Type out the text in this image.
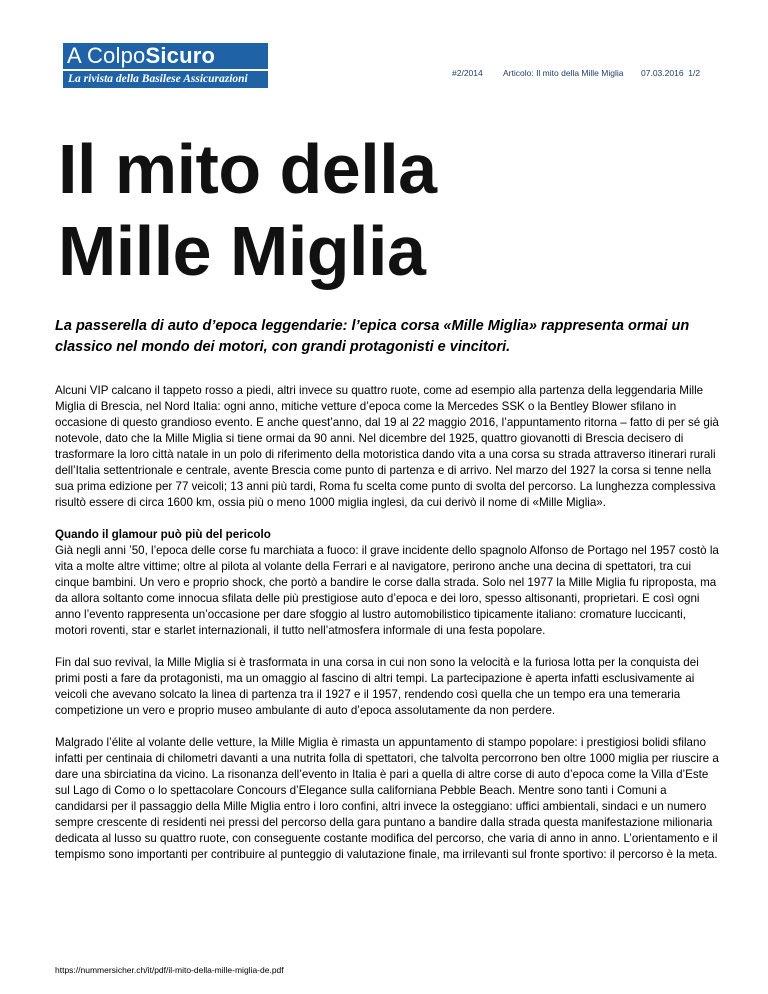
A ColpoSicuro
La rivista della Basilese Assicurazioni	#2/2014 Articolo: Il mito della Mille Miglia 07.03.2016 1/2
Il mito della
Mille Miglia

La passerella di auto d’epoca leggendarie: l’epica corsa «Mille Miglia» rappresenta ormai un classico nel mondo dei motori, con grandi protagonisti e vincitori.

Alcuni VIP calcano il tappeto rosso a piedi, altri invece su quattro ruote, come ad esempio alla partenza della leggendaria Mille Miglia di Brescia, nel Nord Italia: ogni anno, mitiche vetture d’epoca come la Mercedes SSK o la Bentley Blower sfilano in occasione di questo grandioso evento. E anche quest’anno, dal 19 al 22 maggio 2016, l’appuntamento ritorna – fatto di per sé già notevole, dato che la Mille Miglia si tiene ormai da 90 anni. Nel dicembre del 1925, quattro giovanotti di Brescia decisero di trasformare la loro città natale in un polo di riferimento della motoristica dando vita a una corsa su strada attraverso itinerari rurali dell’Italia settentrionale e centrale, avente Brescia come punto di partenza e di arrivo. Nel marzo del 1927 la corsa si tenne nella sua prima edizione per 77 veicoli; 13 anni più tardi, Roma fu scelta come punto di svolta del percorso. La lunghezza complessiva risultò essere di circa 1600 km, ossia più o meno 1000 miglia inglesi, da cui derivò il nome di «Mille Miglia».

Quando il glamour può più del pericolo
Già negli anni ’50, l’epoca delle corse fu marchiata a fuoco: il grave incidente dello spagnolo Alfonso de Portago nel 1957 costò la vita a molte altre vittime; oltre al pilota al volante della Ferrari e al navigatore, perirono anche una decina di spettatori, tra cui cinque bambini. Un vero e proprio shock, che portò a bandire le corse dalla strada. Solo nel 1977 la Mille Miglia fu riproposta, ma da allora soltanto come innocua sfilata delle più prestigiose auto d’epoca e dei loro, spesso altisonanti, proprietari. E così ogni anno l’evento rappresenta un’occasione per dare sfoggio al lustro automobilistico tipicamente italiano: cromature luccicanti, motori roventi, star e starlet internazionali, il tutto nell’atmosfera informale di una festa popolare.

Fin dal suo revival, la Mille Miglia si è trasformata in una corsa in cui non sono la velocità e la furiosa lotta per la conquista dei primi posti a fare da protagonisti, ma un omaggio al fascino di altri tempi. La partecipazione è aperta infatti esclusivamente ai veicoli che avevano solcato la linea di partenza tra il 1927 e il 1957, rendendo così quella che un tempo era una temeraria competizione un vero e proprio museo ambulante di auto d’epoca assolutamente da non perdere.

Malgrado l’élite al volante delle vetture, la Mille Miglia è rimasta un appuntamento di stampo popolare: i prestigiosi bolidi sfilano infatti per centinaia di chilometri davanti a una nutrita folla di spettatori, che talvolta percorrono ben oltre 1000 miglia per riuscire a dare una sbirciatina da vicino. La risonanza dell’evento in Italia è pari a quella di altre corse di auto d’epoca come la Villa d’Este sul Lago di Como o lo spettacolare Concours d’Elegance sulla californiana Pebble Beach. Mentre sono tanti i Comuni a candidarsi per il passaggio della Mille Miglia entro i loro confini, altri invece la osteggiano: uffici ambientali, sindaci e un numero sempre crescente di residenti nei pressi del percorso della gara puntano a bandire dalla strada questa manifestazione milionaria dedicata al lusso su quattro ruote, con conseguente costante modifica del percorso, che varia di anno in anno. L’orientamento e il tempismo sono importanti per contribuire al punteggio di valutazione finale, ma irrilevanti sul fronte sportivo: il percorso è la meta.

https://nummersicher.ch/it/pdf/il-mito-della-mille-miglia-de.pdf
